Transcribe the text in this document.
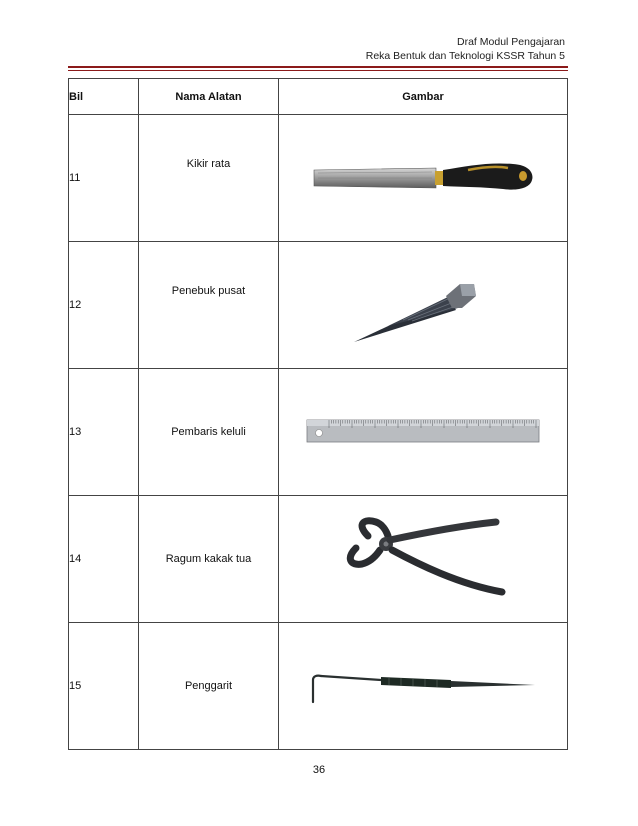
Draf Modul Pengajaran
Reka Bentuk dan Teknologi KSSR Tahun 5
Bil	Nama Alatan	Gambar
11	Kikir rata	

12	Penebuk pusat	

13	Pembaris keluli	

14	Ragum kakak tua	

15	Penggarit	
36
